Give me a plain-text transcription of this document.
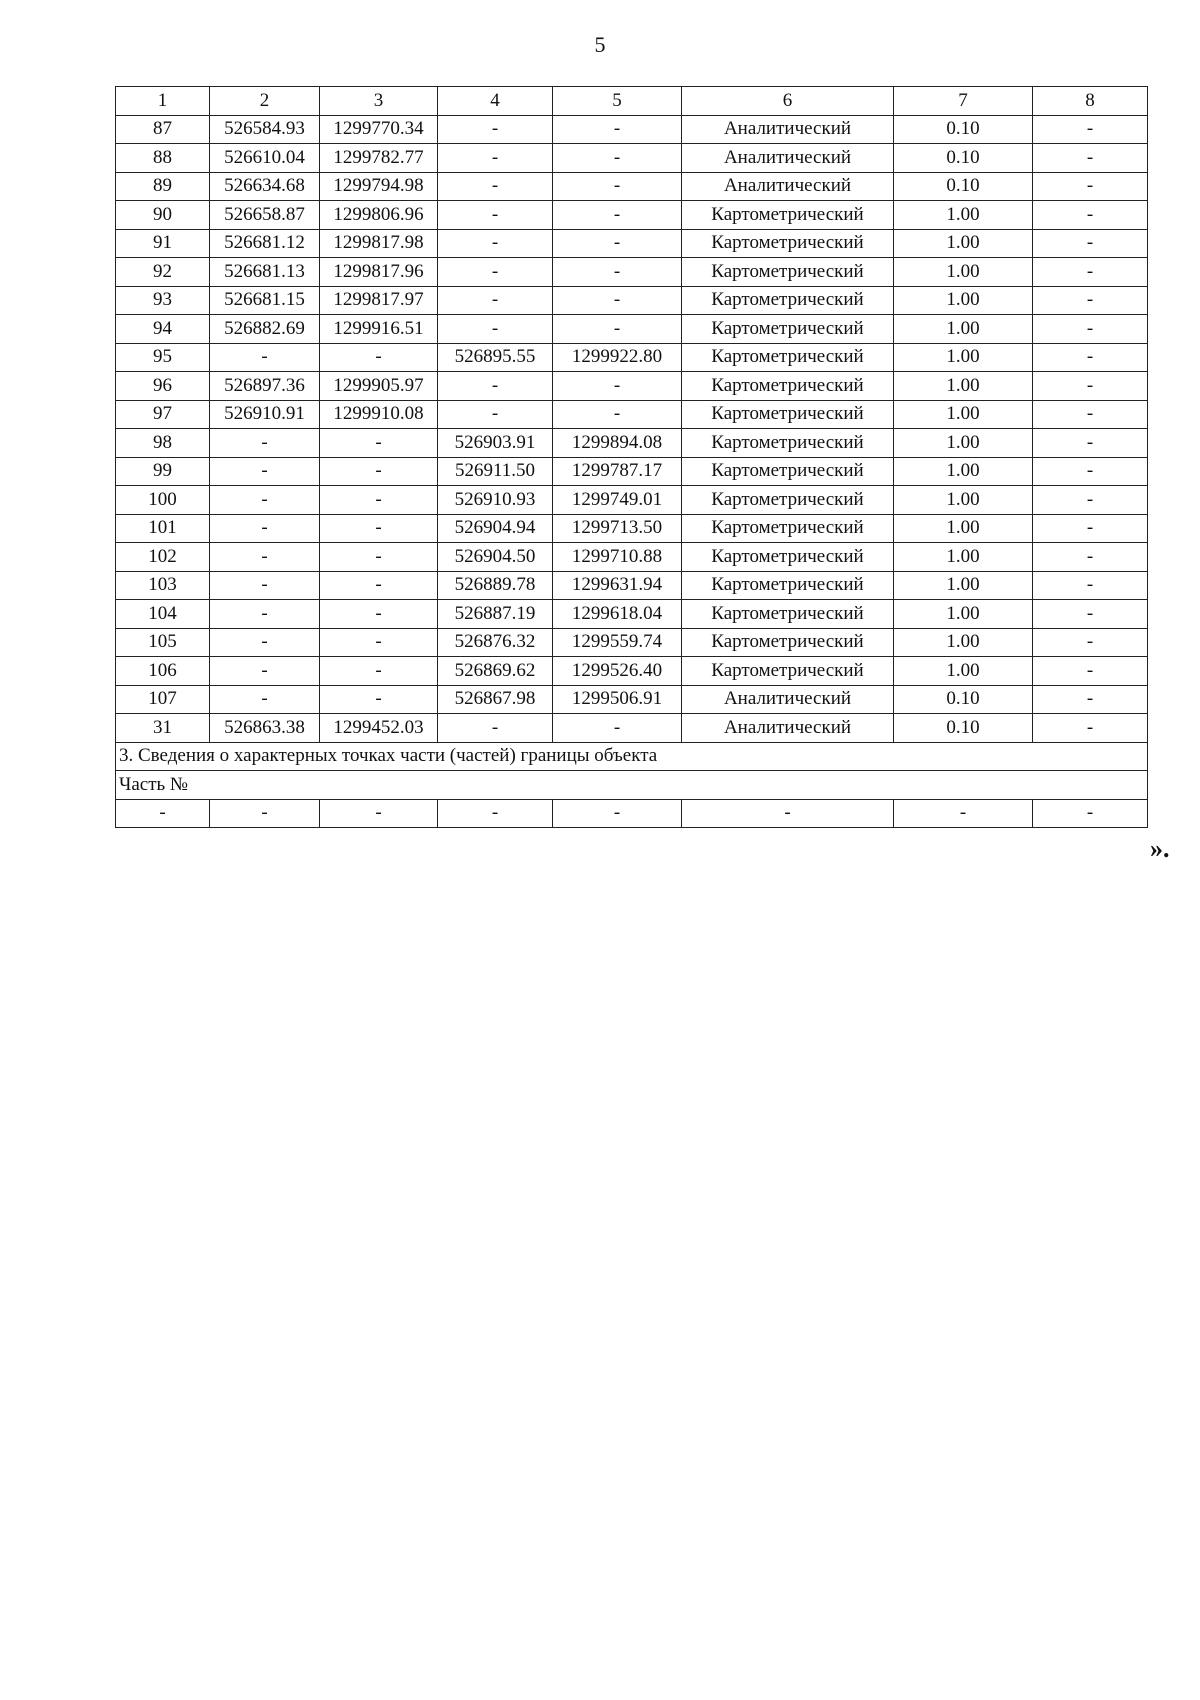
5
1	2	3	4	5	6	7	8
87	526584.93	1299770.34	-	-	Аналитический	0.10	-
88	526610.04	1299782.77	-	-	Аналитический	0.10	-
89	526634.68	1299794.98	-	-	Аналитический	0.10	-
90	526658.87	1299806.96	-	-	Картометрический	1.00	-
91	526681.12	1299817.98	-	-	Картометрический	1.00	-
92	526681.13	1299817.96	-	-	Картометрический	1.00	-
93	526681.15	1299817.97	-	-	Картометрический	1.00	-
94	526882.69	1299916.51	-	-	Картометрический	1.00	-
95	-	-	526895.55	1299922.80	Картометрический	1.00	-
96	526897.36	1299905.97	-	-	Картометрический	1.00	-
97	526910.91	1299910.08	-	-	Картометрический	1.00	-
98	-	-	526903.91	1299894.08	Картометрический	1.00	-
99	-	-	526911.50	1299787.17	Картометрический	1.00	-
100	-	-	526910.93	1299749.01	Картометрический	1.00	-
101	-	-	526904.94	1299713.50	Картометрический	1.00	-
102	-	-	526904.50	1299710.88	Картометрический	1.00	-
103	-	-	526889.78	1299631.94	Картометрический	1.00	-
104	-	-	526887.19	1299618.04	Картометрический	1.00	-
105	-	-	526876.32	1299559.74	Картометрический	1.00	-
106	-	-	526869.62	1299526.40	Картометрический	1.00	-
107	-	-	526867.98	1299506.91	Аналитический	0.10	-
31	526863.38	1299452.03	-	-	Аналитический	0.10	-
3. Сведения о характерных точках части (частей) границы объекта							
Часть №							
-	-	-	-	-	-	-	-
».
